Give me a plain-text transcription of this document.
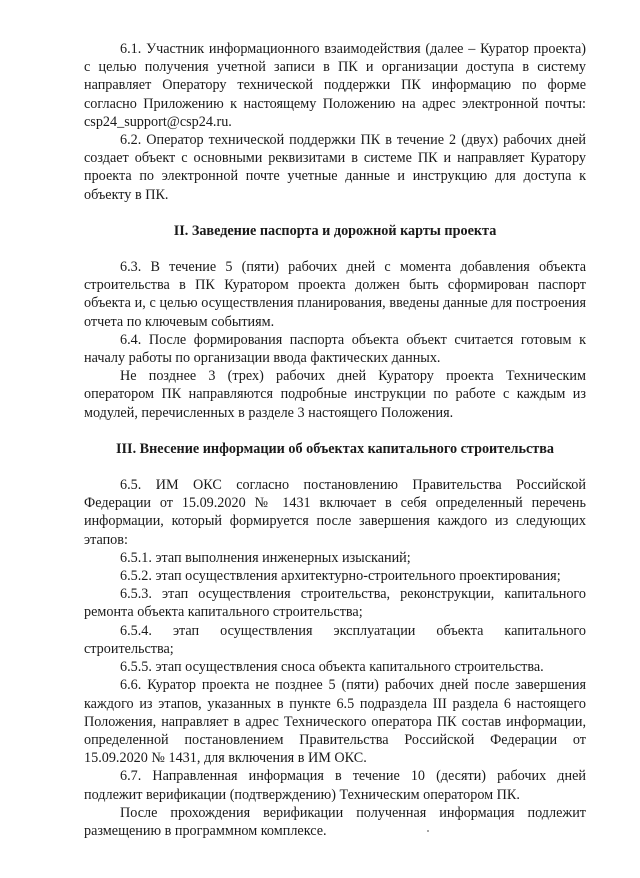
6.1. Участник информационного взаимодействия (далее – Куратор проекта) с целью получения учетной записи в ПК и организации доступа в систему направляет Оператору технической поддержки ПК информацию по форме согласно Приложению к настоящему Положению на адрес электронной почты: csp24_support@csp24.ru.

6.2. Оператор технической поддержки ПК в течение 2 (двух) рабочих дней создает объект с основными реквизитами в системе ПК и направляет Куратору проекта по электронной почте учетные данные и инструкцию для доступа к объекту в ПК.

II. Заведение паспорта и дорожной карты проекта

6.3. В течение 5 (пяти) рабочих дней с момента добавления объекта строительства в ПК Куратором проекта должен быть сформирован паспорт объекта и, с целью осуществления планирования, введены данные для построения отчета по ключевым событиям.

6.4. После формирования паспорта объекта объект считается готовым к началу работы по организации ввода фактических данных.

Не позднее 3 (трех) рабочих дней Куратору проекта Техническим оператором ПК направляются подробные инструкции по работе с каждым из модулей, перечисленных в разделе 3 настоящего Положения.

III. Внесение информации об объектах капитального строительства

6.5. ИМ ОКС согласно постановлению Правительства Российской Федерации от 15.09.2020 № 1431 включает в себя определенный перечень информации, который формируется после завершения каждого из следующих этапов:

6.5.1. этап выполнения инженерных изысканий;

6.5.2. этап осуществления архитектурно-строительного проектирования;

6.5.3. этап осуществления строительства, реконструкции, капитального ремонта объекта капитального строительства;

6.5.4. этап осуществления эксплуатации объекта капитального строительства;

6.5.5. этап осуществления сноса объекта капитального строительства.

6.6. Куратор проекта не позднее 5 (пяти) рабочих дней после завершения каждого из этапов, указанных в пункте 6.5 подраздела III раздела 6 настоящего Положения, направляет в адрес Технического оператора ПК состав информации, определенной постановлением Правительства Российской Федерации от 15.09.2020 № 1431, для включения в ИМ ОКС.

6.7. Направленная информация в течение 10 (десяти) рабочих дней подлежит верификации (подтверждению) Техническим оператором ПК.

После прохождения верификации полученная информация подлежит размещению в программном комплексе.
